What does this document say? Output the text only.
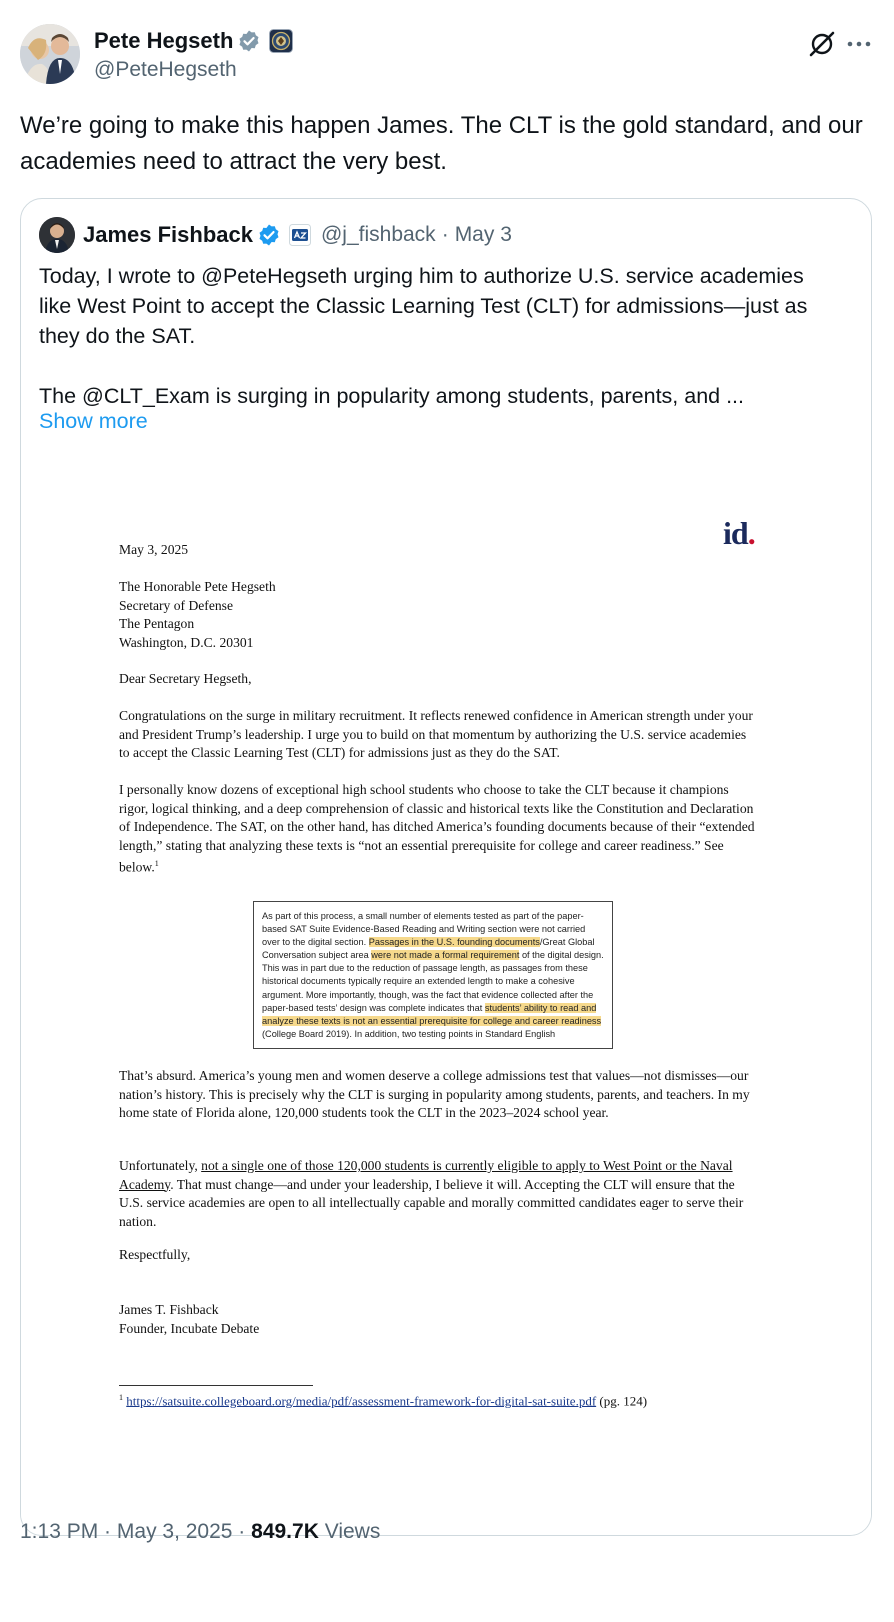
Pete Hegseth
@PeteHegseth
We’re going to make this happen James. The CLT is the gold standard, and our academies need to attract the very best.
James Fishback	@j_fishback · May 3

Today, I wrote to @PeteHegseth urging him to authorize U.S. service academies like West Point to accept the Classic Learning Test (CLT) for admissions—just as they do the SAT.

The @CLT_Exam is surging in popularity among students, parents, and ...

Show more
id.
May 3, 2025

The Honorable Pete Hegseth

Secretary of Defense

The Pentagon

Washington, D.C. 20301

Dear Secretary Hegseth,
Congratulations on the surge in military recruitment. It reflects renewed confidence in American strength under your and President Trump’s leadership. I urge you to build on that momentum by authorizing the U.S. service academies to accept the Classic Learning Test (CLT) for admissions just as they do the SAT.
I personally know dozens of exceptional high school students who choose to take the CLT because it champions rigor, logical thinking, and a deep comprehension of classic and historical texts like the Constitution and Declaration of Independence. The SAT, on the other hand, has ditched America’s founding documents because of their “extended length,” stating that analyzing these texts is “not an essential prerequisite for college and career readiness.” See below.$^1$
As part of this process, a small number of elements tested as part of the paper-based SAT Suite Evidence-Based Reading and Writing section were not carried over to the digital section. Passages in the U.S. founding documents/Great Global Conversation subject area were not made a formal requirement of the digital design. This was in part due to the reduction of passage length, as passages from these historical documents typically require an extended length to make a cohesive argument. More importantly, though, was the fact that evidence collected after the paper-based tests’ design was complete indicates that students’ ability to read and analyze these texts is not an essential prerequisite for college and career readiness (College Board 2019). In addition, two testing points in Standard English
That’s absurd. America’s young men and women deserve a college admissions test that values—not dismisses—our nation’s history. This is precisely why the CLT is surging in popularity among students, parents, and teachers. In my home state of Florida alone, 120,000 students took the CLT in the 2023–2024 school year.
Unfortunately, not a single one of those 120,000 students is currently eligible to apply to West Point or the Naval Academy. That must change—and under your leadership, I believe it will. Accepting the CLT will ensure that the U.S. service academies are open to all intellectually capable and morally committed candidates eager to serve their nation.
Respectfully,

James T. Fishback

Founder, Incubate Debate

$^1$ https://satsuite.collegeboard.org/media/pdf/assessment-framework-for-digital-sat-suite.pdf (pg. 124)
1:13 PM · May 3, 2025 · 849.7K Views
